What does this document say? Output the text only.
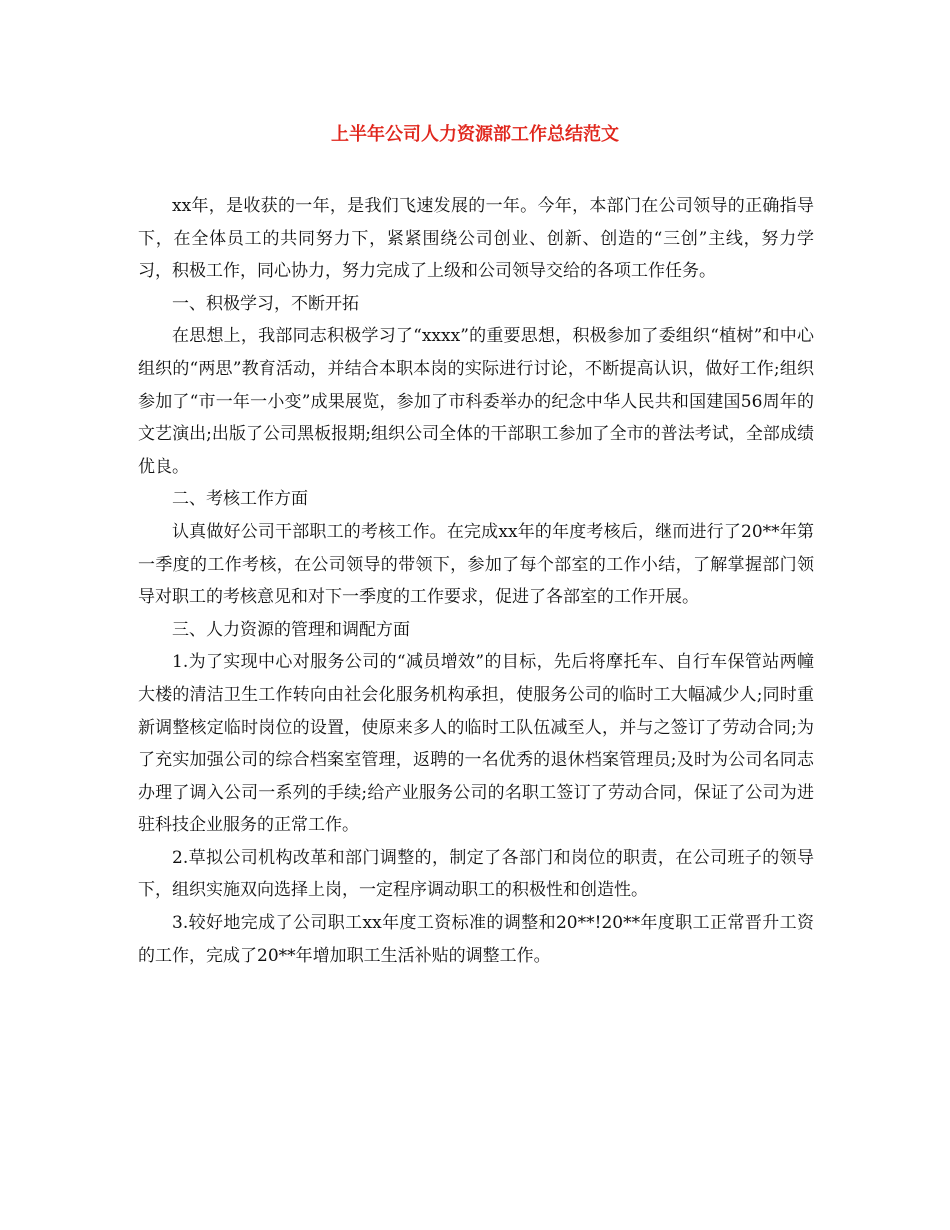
上半年公司人力资源部工作总结范文

xx年，是收获的一年，是我们飞速发展的一年。今年，本部门在公司领导的正确指导下，在全体员工的共同努力下，紧紧围绕公司创业、创新、创造的“三创”主线，努力学习，积极工作，同心协力，努力完成了上级和公司领导交给的各项工作任务。

一、积极学习，不断开拓

在思想上，我部同志积极学习了“xxxx”的重要思想，积极参加了委组织“植树”和中心组织的“两思”教育活动，并结合本职本岗的实际进行讨论，不断提高认识，做好工作;组织参加了“市一年一小变”成果展览，参加了市科委举办的纪念中华人民共和国建国56周年的文艺演出;出版了公司黑板报期;组织公司全体的干部职工参加了全市的普法考试，全部成绩优良。

二、考核工作方面

认真做好公司干部职工的考核工作。在完成xx年的年度考核后，继而进行了20**年第一季度的工作考核，在公司领导的带领下，参加了每个部室的工作小结，了解掌握部门领导对职工的考核意见和对下一季度的工作要求，促进了各部室的工作开展。

三、人力资源的管理和调配方面

1.为了实现中心对服务公司的“减员增效”的目标，先后将摩托车、自行车保管站两幢大楼的清洁卫生工作转向由社会化服务机构承担，使服务公司的临时工大幅减少人;同时重新调整核定临时岗位的设置，使原来多人的临时工队伍减至人，并与之签订了劳动合同;为了充实加强公司的综合档案室管理，返聘的一名优秀的退休档案管理员;及时为公司名同志办理了调入公司一系列的手续;给产业服务公司的名职工签订了劳动合同，保证了公司为进驻科技企业服务的正常工作。

2.草拟公司机构改革和部门调整的，制定了各部门和岗位的职责，在公司班子的领导下，组织实施双向选择上岗，一定程序调动职工的积极性和创造性。

3.较好地完成了公司职工xx年度工资标准的调整和20**!20**年度职工正常晋升工资的工作，完成了20**年增加职工生活补贴的调整工作。
